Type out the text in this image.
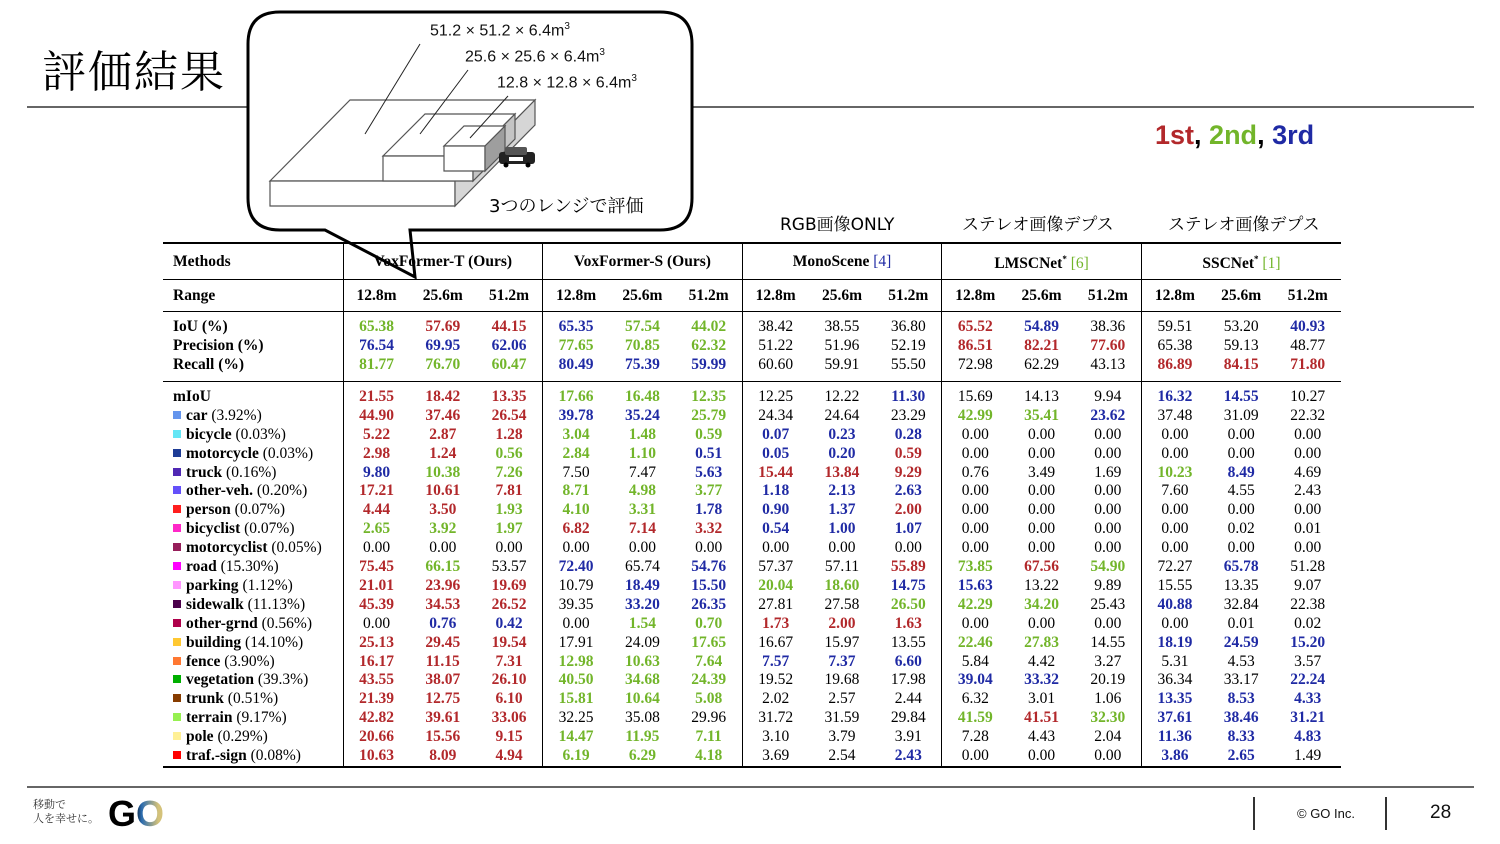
評価結果
$51.2 \times 51.2 \times 6.4m^3$
$25.6 \times 25.6 \times 6.4m^3$
$12.8 \times 12.8 \times 6.4m^3$
3つのレンジで評価
1st, 2nd, 3rd
RGB画像ONLY	ステレオ画像デプス	ステレオ画像デプス
Methods	VoxFormer-T (Ours)			VoxFormer-S (Ours)			MonoScene [4]			LMSCNet* [6]			SSCNet* [1]		
Range	12.8m	25.6m	51.2m	12.8m	25.6m	51.2m	12.8m	25.6m	51.2m	12.8m	25.6m	51.2m	12.8m	25.6m	51.2m

IoU (%)	65.38	57.69	44.15	65.35	57.54	44.02	38.42	38.55	36.80	65.52	54.89	38.36	59.51	53.20	40.93
Precision (%)	76.54	69.95	62.06	77.65	70.85	62.32	51.22	51.96	52.19	86.51	82.21	77.60	65.38	59.13	48.77
Recall (%)	81.77	76.70	60.47	80.49	75.39	59.99	60.60	59.91	55.50	72.98	62.29	43.13	86.89	84.15	71.80

mIoU	21.55	18.42	13.35	17.66	16.48	12.35	12.25	12.22	11.30	15.69	14.13	9.94	16.32	14.55	10.27
car (3.92%)	44.90	37.46	26.54	39.78	35.24	25.79	24.34	24.64	23.29	42.99	35.41	23.62	37.48	31.09	22.32
bicycle (0.03%)	5.22	2.87	1.28	3.04	1.48	0.59	0.07	0.23	0.28	0.00	0.00	0.00	0.00	0.00	0.00
motorcycle (0.03%)	2.98	1.24	0.56	2.84	1.10	0.51	0.05	0.20	0.59	0.00	0.00	0.00	0.00	0.00	0.00
truck (0.16%)	9.80	10.38	7.26	7.50	7.47	5.63	15.44	13.84	9.29	0.76	3.49	1.69	10.23	8.49	4.69
other-veh. (0.20%)	17.21	10.61	7.81	8.71	4.98	3.77	1.18	2.13	2.63	0.00	0.00	0.00	7.60	4.55	2.43
person (0.07%)	4.44	3.50	1.93	4.10	3.31	1.78	0.90	1.37	2.00	0.00	0.00	0.00	0.00	0.00	0.00
bicyclist (0.07%)	2.65	3.92	1.97	6.82	7.14	3.32	0.54	1.00	1.07	0.00	0.00	0.00	0.00	0.02	0.01
motorcyclist (0.05%)	0.00	0.00	0.00	0.00	0.00	0.00	0.00	0.00	0.00	0.00	0.00	0.00	0.00	0.00	0.00
road (15.30%)	75.45	66.15	53.57	72.40	65.74	54.76	57.37	57.11	55.89	73.85	67.56	54.90	72.27	65.78	51.28
parking (1.12%)	21.01	23.96	19.69	10.79	18.49	15.50	20.04	18.60	14.75	15.63	13.22	9.89	15.55	13.35	9.07
sidewalk (11.13%)	45.39	34.53	26.52	39.35	33.20	26.35	27.81	27.58	26.50	42.29	34.20	25.43	40.88	32.84	22.38
other-grnd (0.56%)	0.00	0.76	0.42	0.00	1.54	0.70	1.73	2.00	1.63	0.00	0.00	0.00	0.00	0.01	0.02
building (14.10%)	25.13	29.45	19.54	17.91	24.09	17.65	16.67	15.97	13.55	22.46	27.83	14.55	18.19	24.59	15.20
fence (3.90%)	16.17	11.15	7.31	12.98	10.63	7.64	7.57	7.37	6.60	5.84	4.42	3.27	5.31	4.53	3.57
vegetation (39.3%)	43.55	38.07	26.10	40.50	34.68	24.39	19.52	19.68	17.98	39.04	33.32	20.19	36.34	33.17	22.24
trunk (0.51%)	21.39	12.75	6.10	15.81	10.64	5.08	2.02	2.57	2.44	6.32	3.01	1.06	13.35	8.53	4.33
terrain (9.17%)	42.82	39.61	33.06	32.25	35.08	29.96	31.72	31.59	29.84	41.59	41.51	32.30	37.61	38.46	31.21
pole (0.29%)	20.66	15.56	9.15	14.47	11.95	7.11	3.10	3.79	3.91	7.28	4.43	2.04	11.36	8.33	4.83
traf.-sign (0.08%)	10.63	8.09	4.94	6.19	6.29	4.18	3.69	2.54	2.43	0.00	0.00	0.00	3.86	2.65	1.49
移動で
人を幸せに。 GO	© GO Inc.	28
